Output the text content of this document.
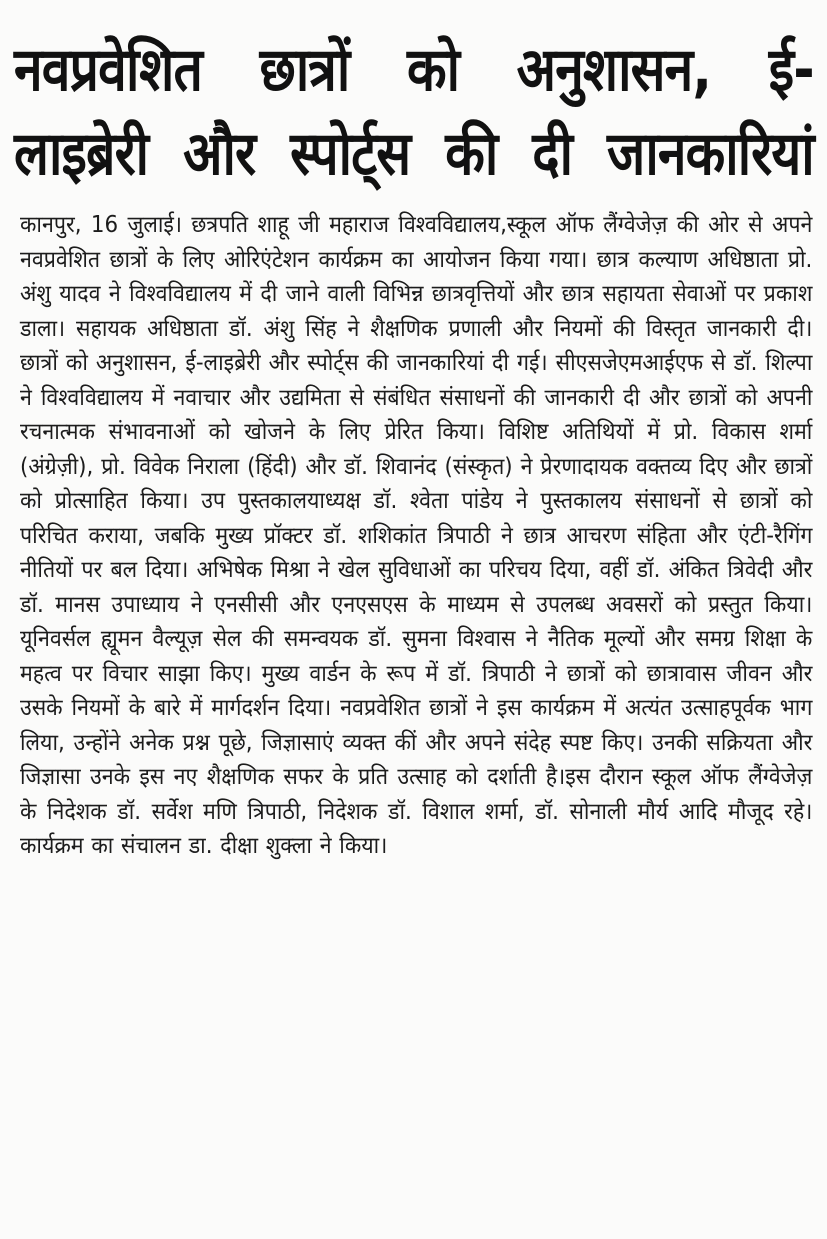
नवप्रवेशित छात्रों को अनुशासन, ई-
लाइब्रेरी और स्पोर्ट्स की दी जानकारियां
कानपुर, 16 जुलाई। छत्रपति शाहू जी महाराज विश्वविद्यालय,स्कूल ऑफ लैंग्वेजेज़ की ओर से अपने नवप्रवेशित छात्रों के लिए ओरिएंटेशन कार्यक्रम का आयोजन किया गया। छात्र कल्याण अधिष्ठाता प्रो. अंशु यादव ने विश्वविद्यालय में दी जाने वाली विभिन्न छात्रवृत्तियों और छात्र सहायता सेवाओं पर प्रकाश डाला। सहायक अधिष्ठाता डॉ. अंशु सिंह ने शैक्षणिक प्रणाली और नियमों की विस्तृत जानकारी दी। छात्रों को अनुशासन, ई-लाइब्रेरी और स्पोर्ट्स की जानकारियां दी गई। सीएसजेएमआईएफ से डॉ. शिल्पा ने विश्वविद्यालय में नवाचार और उद्यमिता से संबंधित संसाधनों की जानकारी दी और छात्रों को अपनी रचनात्मक संभावनाओं को खोजने के लिए प्रेरित किया। विशिष्ट अतिथियों में प्रो. विकास शर्मा (अंग्रेज़ी), प्रो. विवेक निराला (हिंदी) और डॉ. शिवानंद (संस्कृत) ने प्रेरणादायक वक्तव्य दिए और छात्रों को प्रोत्साहित किया। उप पुस्तकालयाध्यक्ष डॉ. श्वेता पांडेय ने पुस्तकालय संसाधनों से छात्रों को परिचित कराया, जबकि मुख्य प्रॉक्टर डॉ. शशिकांत त्रिपाठी ने छात्र आचरण संहिता और एंटी-रैगिंग नीतियों पर बल दिया। अभिषेक मिश्रा ने खेल सुविधाओं का परिचय दिया, वहीं डॉ. अंकित त्रिवेदी और डॉ. मानस उपाध्याय ने एनसीसी और एनएसएस के माध्यम से उपलब्ध अवसरों को प्रस्तुत किया। यूनिवर्सल ह्यूमन वैल्यूज़ सेल की समन्वयक डॉ. सुमना विश्वास ने नैतिक मूल्यों और समग्र शिक्षा के महत्व पर विचार साझा किए। मुख्य वार्डन के रूप में डॉ. त्रिपाठी ने छात्रों को छात्रावास जीवन और उसके नियमों के बारे में मार्गदर्शन दिया। नवप्रवेशित छात्रों ने इस कार्यक्रम में अत्यंत उत्साहपूर्वक भाग लिया, उन्होंने अनेक प्रश्न पूछे, जिज्ञासाएं व्यक्त कीं और अपने संदेह स्पष्ट किए। उनकी सक्रियता और जिज्ञासा उनके इस नए शैक्षणिक सफर के प्रति उत्साह को दर्शाती है।इस दौरान स्कूल ऑफ लैंग्वेजेज़ के निदेशक डॉ. सर्वेश मणि त्रिपाठी, निदेशक डॉ. विशाल शर्मा, डॉ. सोनाली मौर्य आदि मौजूद रहे। कार्यक्रम का संचालन डा. दीक्षा शुक्ला ने किया।
